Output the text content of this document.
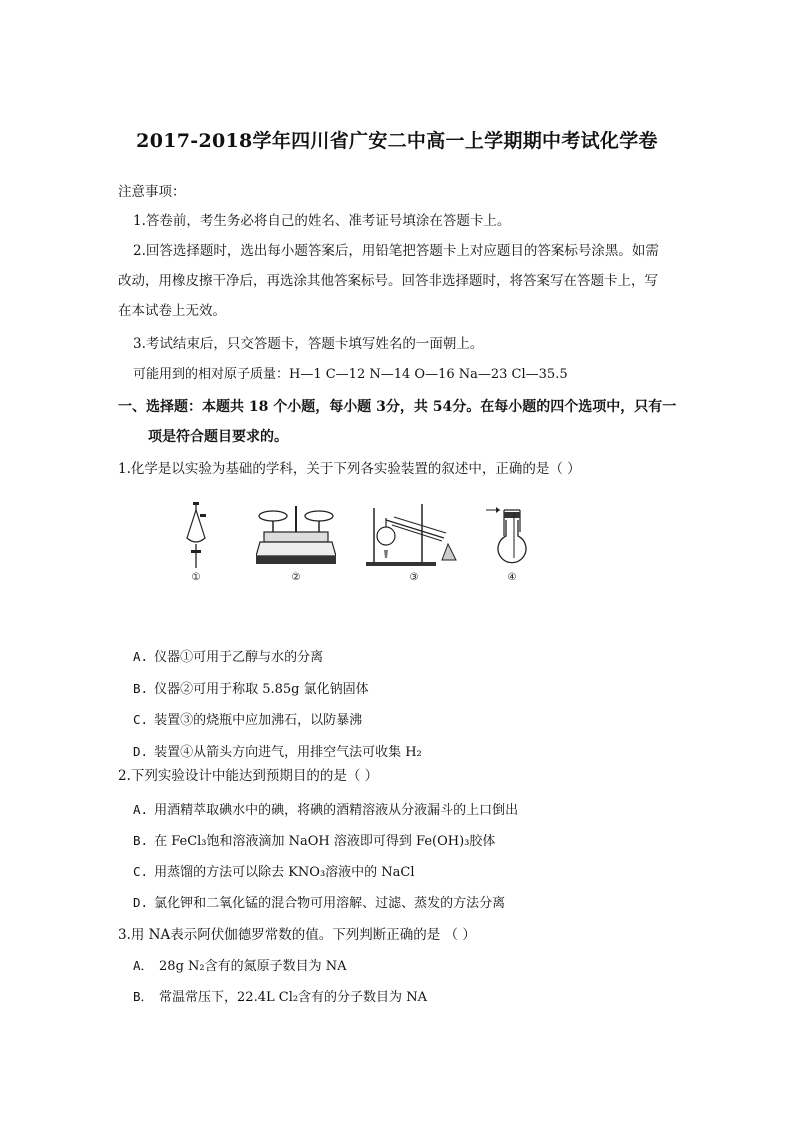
2017-2018学年四川省广安二中高一上学期期中考试化学卷
注意事项：
1.答卷前，考生务必将自己的姓名、准考证号填涂在答题卡上。
2.回答选择题时，选出每小题答案后，用铅笔把答题卡上对应题目的答案标号涂黑。如需
改动，用橡皮擦干净后，再选涂其他答案标号。回答非选择题时，将答案写在答题卡上，写
在本试卷上无效。
3.考试结束后，只交答题卡，答题卡填写姓名的一面朝上。
可能用到的相对原子质量：H—1 C—12 N—14 O—16 Na—23 Cl—35.5
一、选择题：本题共 18 个小题，每小题 3分，共 54分。在每小题的四个选项中，只有一
项是符合题目要求的。
1.化学是以实验为基础的学科，关于下列各实验装置的叙述中，正确的是（ ）
①	②	③	④
A. 仪器①可用于乙醇与水的分离
B. 仪器②可用于称取 5.85g 氯化钠固体
C. 装置③的烧瓶中应加沸石，以防暴沸
D. 装置④从箭头方向进气，用排空气法可收集 H₂
2.下列实验设计中能达到预期目的的是（ ）
A. 用酒精萃取碘水中的碘，将碘的酒精溶液从分液漏斗的上口倒出
B. 在 FeCl₃饱和溶液滴加 NaOH 溶液即可得到 Fe(OH)₃胶体
C. 用蒸馏的方法可以除去 KNO₃溶液中的 NaCl
D. 氯化钾和二氧化锰的混合物可用溶解、过滤、蒸发的方法分离
3.用 NA表示阿伏伽德罗常数的值。下列判断正确的是 （ ）
A． 28g N₂含有的氮原子数目为 NA
B． 常温常压下，22.4L Cl₂含有的分子数目为 NA
